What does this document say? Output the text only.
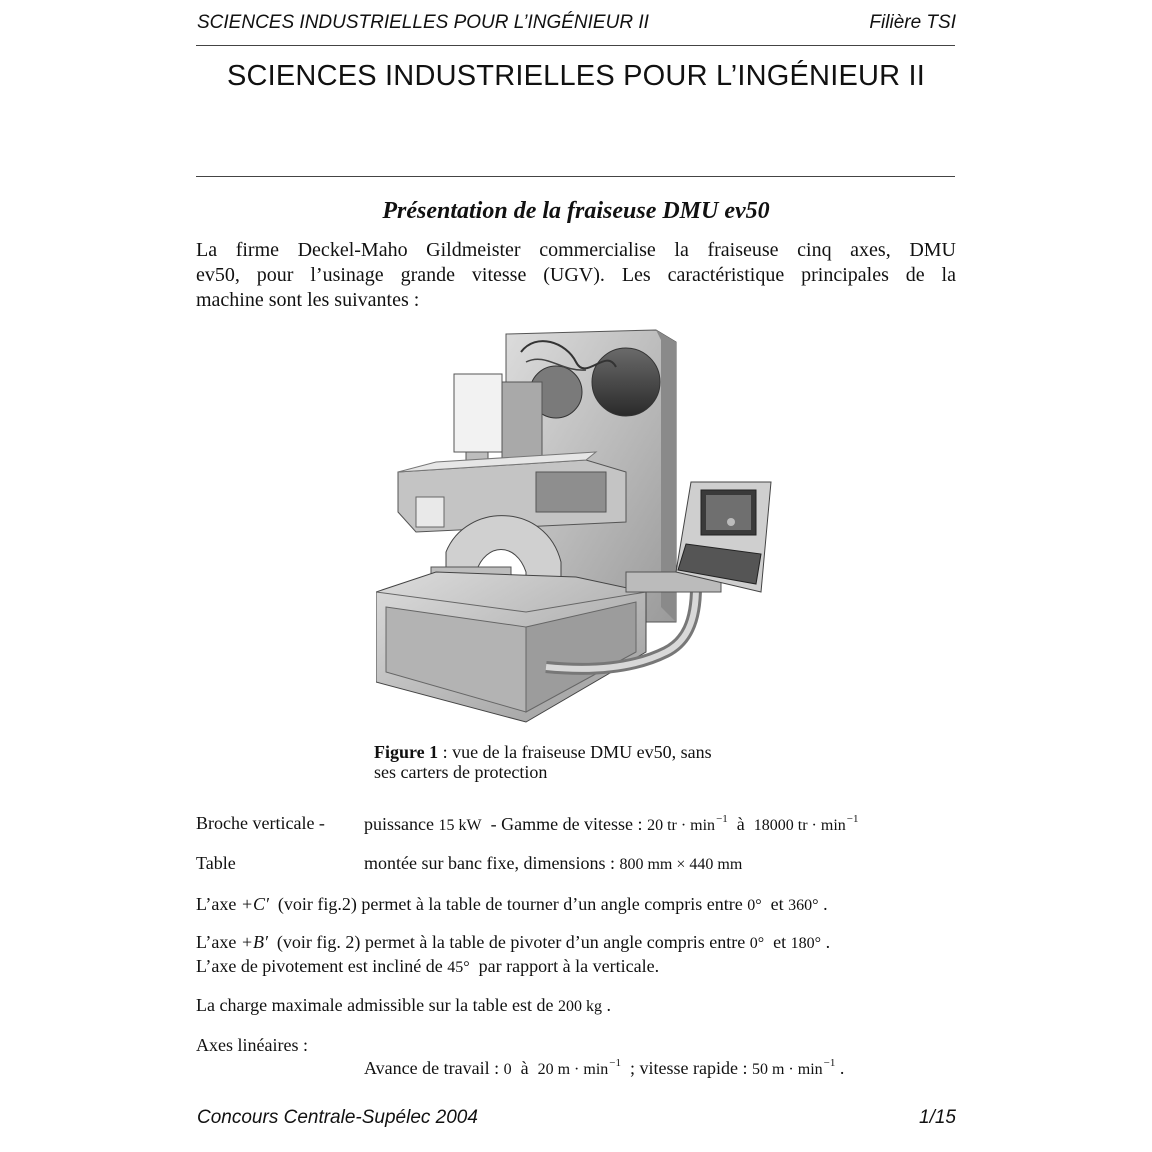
SCIENCES INDUSTRIELLES POUR L’INGÉNIEUR II	Filière TSI
SCIENCES INDUSTRIELLES POUR L’INGÉNIEUR II
Présentation de la fraiseuse DMU ev50
La firme Deckel-Maho Gildmeister commercialise la fraiseuse cinq axes, DMU
ev50, pour l’usinage grande vitesse (UGV). Les caractéristique principales de la
machine sont les suivantes :
Figure 1 : vue de la fraiseuse DMU ev50, sans
ses carters de protection
Broche verticale - puissance 15 kW  - Gamme de vitesse : 20 tr · $\min^{-1}$  à  18000 tr · $\min^{-1}$
Table	montée sur banc fixe, dimensions : 800 mm × 440 mm
L’axe +C′  (voir fig.2) permet à la table de tourner d’un angle compris entre 0°  et 360° .
L’axe +B′  (voir fig. 2) permet à la table de pivoter d’un angle compris entre 0°  et 180° .
L’axe de pivotement est incliné de 45°  par rapport à la verticale.
La charge maximale admissible sur la table est de 200 kg .
Axes linéaires :
Avance de travail : 0  à  20 $m \cdot \min^{-1}$  ; vitesse rapide : 50 $m \cdot \min^{-1}$ .
Concours Centrale-Supélec 2004	1/15
